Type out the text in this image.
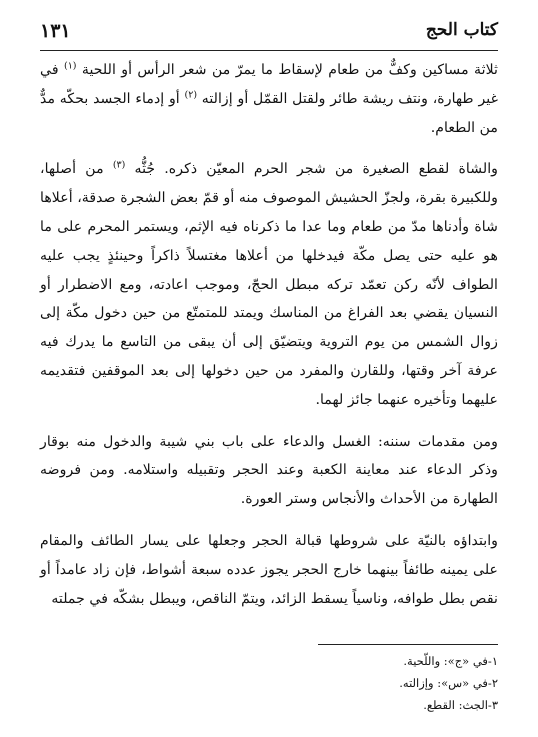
كتاب الحج
١٣١

ثلاثة مساكين وكفٌّ من طعام لإسقاط ما يمرّ من شعر الرأس أو اللحية $^{(١)}$ في غير طهارة، ونتف ريشة طائر ولقتل القمّل أو إزالته $^{(٢)}$ أو إدماء الجسد بحكّه مدٌّ من الطعام.

والشاة لقطع الصغيرة من شجر الحرم المعيّن ذكره. جُثُّه $^{(٣)}$ من أصلها، وللكبيرة بقرة، ولجزّ الحشيش الموصوف منه أو قمّ بعض الشجرة صدقة، أعلاها شاة وأدناها مدّ من طعام وما عدا ما ذكرناه فيه الإثم، ويستمر المحرم على ما هو عليه حتى يصل مكّة فيدخلها من أعلاها مغتسلاً ذاكراً وحينئذٍ يجب عليه الطواف لأنّه ركن تعمّد تركه مبطل الحجّ، وموجب اعادته، ومع الاضطرار أو النسيان يقضي بعد الفراغ من المناسك ويمتد للمتمتّع من حين دخول مكّة إلى زوال الشمس من يوم التروية ويتضيّق إلى أن يبقى من التاسع ما يدرك فيه عرفة آخر وقتها، وللقارن والمفرد من حين دخولها إلى بعد الموقفين فتقديمه عليهما وتأخيره عنهما جائز لهما.

ومن مقدمات سننه: الغسل والدعاء على باب بني شيبة والدخول منه بوقار وذكر الدعاء عند معاينة الكعبة وعند الحجر وتقبيله واستلامه. ومن فروضه الطهارة من الأحداث والأنجاس وستر العورة.

وابتداؤه بالنيّة على شروطها قبالة الحجر وجعلها على يسار الطائف والمقام على يمينه طائفاً بينهما خارج الحجر يجوز عدده سبعة أشواط، فإن زاد عامداً أو نقص بطل طوافه، وناسياً يسقط الزائد، ويتمّ الناقص، ويبطل بشكّه في جملته

١-في «ج»: واللّحية.

٢-في «س»: وإزالته.

٣-الجث: القطع.
